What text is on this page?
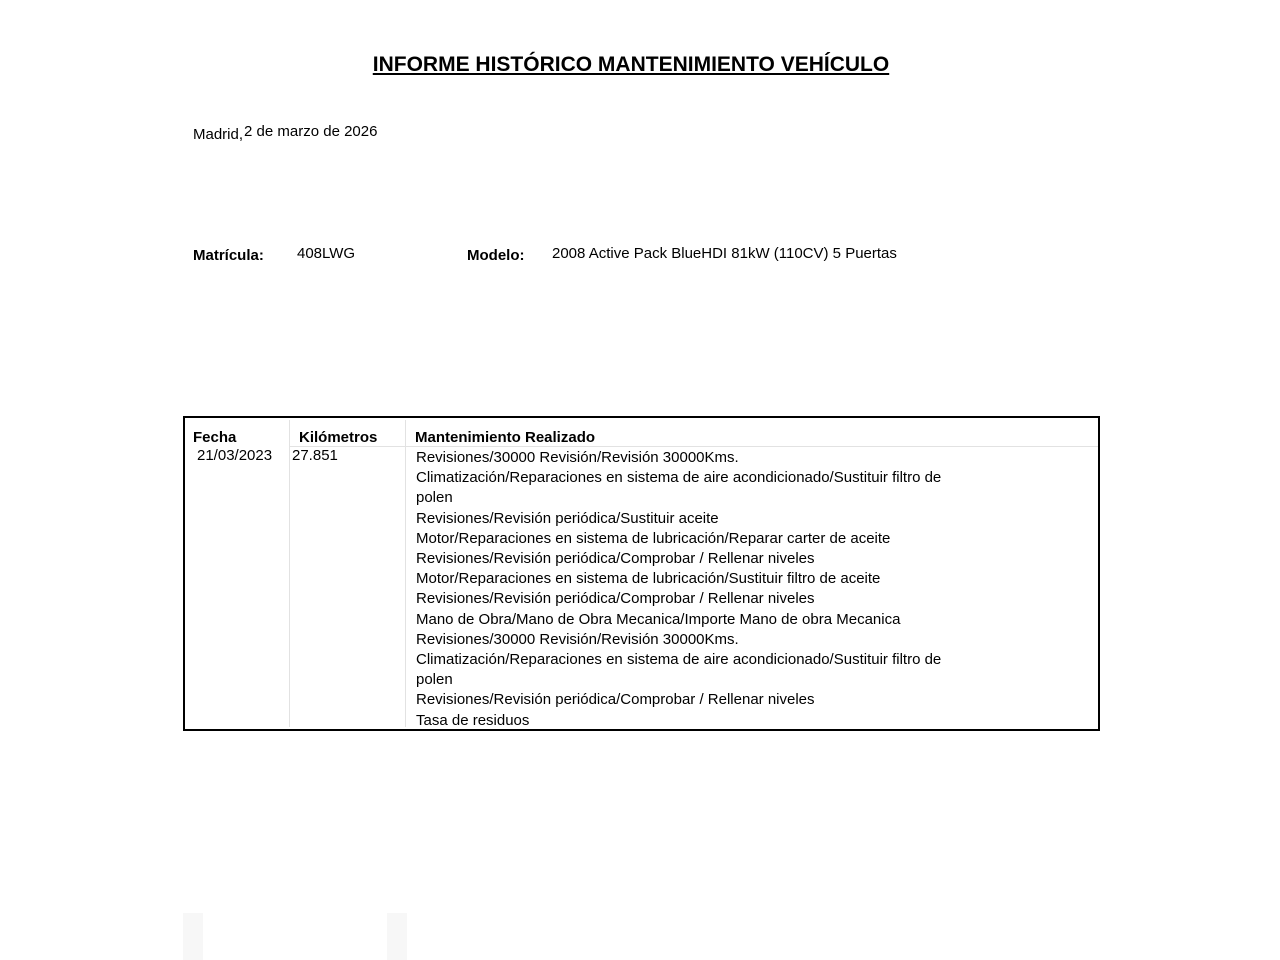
INFORME HISTÓRICO MANTENIMIENTO VEHÍCULO
Madrid,2 de marzo de 2026
Matrícula: 408LWG	Modelo: 2008 Active Pack BlueHDI 81kW (110CV) 5 Puertas
Fecha	Kilómetros	Mantenimiento Realizado
21/03/2023 27.851	Revisiones/30000 Revisión/Revisión 30000Kms.
Climatización/Reparaciones en sistema de aire acondicionado/Sustituir filtro de
polen
Revisiones/Revisión periódica/Sustituir aceite
Motor/Reparaciones en sistema de lubricación/Reparar carter de aceite
Revisiones/Revisión periódica/Comprobar / Rellenar niveles
Motor/Reparaciones en sistema de lubricación/Sustituir filtro de aceite
Revisiones/Revisión periódica/Comprobar / Rellenar niveles
Mano de Obra/Mano de Obra Mecanica/Importe Mano de obra Mecanica
Revisiones/30000 Revisión/Revisión 30000Kms.
Climatización/Reparaciones en sistema de aire acondicionado/Sustituir filtro de
polen
Revisiones/Revisión periódica/Comprobar / Rellenar niveles
Tasa de residuos
